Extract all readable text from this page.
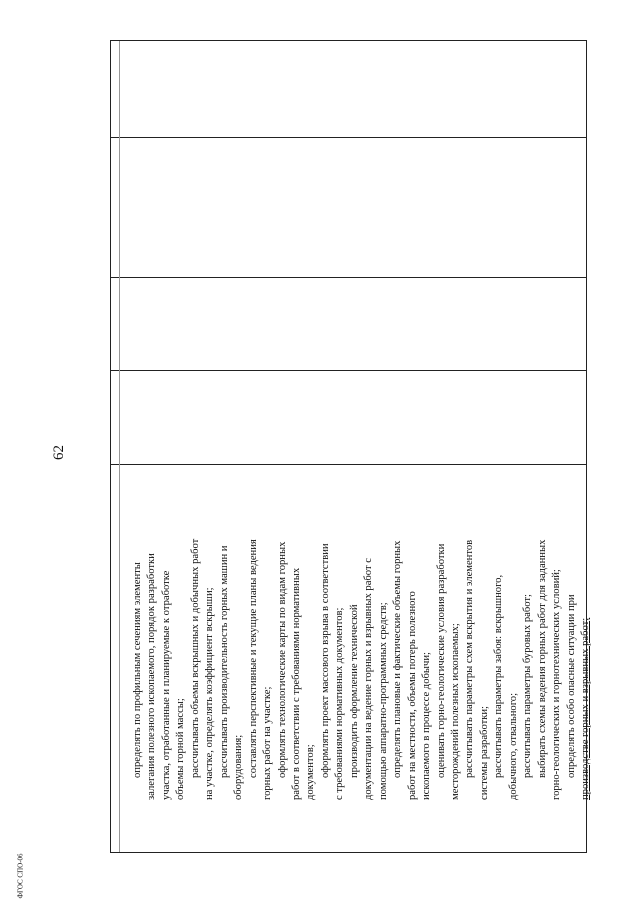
62
определять по профильным сечениям элементы залегания полезного ископаемого, порядок разработки участка, отработанные и планируемые к отработке объемы горной массы; рассчитывать объемы вскрышных и добычных работ на участке, определять коэффициент вскрыши; рассчитывать производительность горных машин и оборудования; составлять перспективные и текущие планы ведения горных работ на участке; оформлять технологические карты по видам горных работ в соответствии с требованиями нормативных документов; оформлять проект массового взрыва в соответствии с требованиями нормативных документов; производить оформление технической документации на ведение горных и взрывных работ с помощью аппаратно-программных средств; определять плановые и фактические объемы горных работ на местности, объемы потерь полезного ископаемого в процессе добычи; оценивать горно-геологические условия разработки месторождений полезных ископаемых; рассчитывать параметры схем вскрытия и элементов системы разработки; рассчитывать параметры забоя: вскрышного, добычного, отвального; рассчитывать параметры буровых работ; выбирать схемы ведения горных работ для заданных горно-геологических и горнотехнических условий; определять особо опасные ситуации при производстве горных и взрывных работ;
ФГОС СПО-06
